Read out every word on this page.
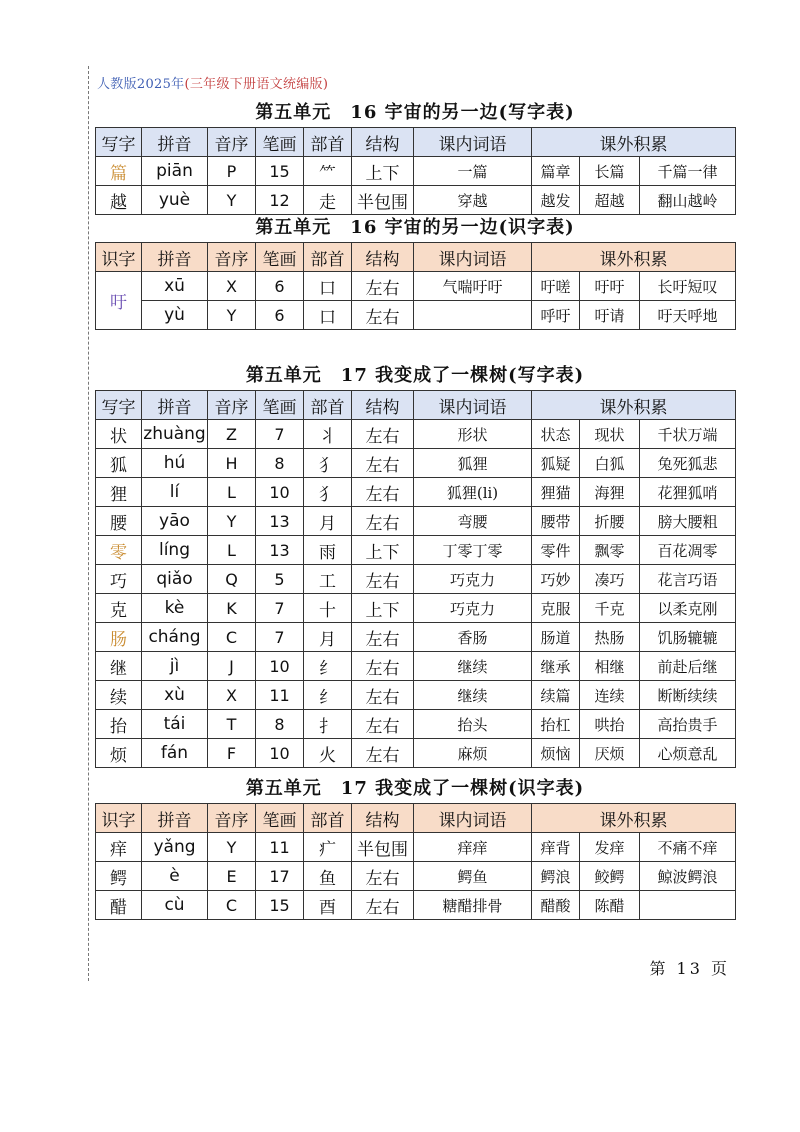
人教版2025年(三年级下册语文统编版)
第五单元　16 宇宙的另一边(写字表)
写字	拼音	音序	笔画	部首	结构	课内词语	课外积累		
篇	piān	P	15	⺮	上下	一篇	篇章	长篇	千篇一律
越	yuè	Y	12	走	半包围	穿越	越发	超越	翻山越岭
第五单元　16 宇宙的另一边(识字表)
识字	拼音	音序	笔画	部首	结构	课内词语	课外积累		
吁	xū	X	6	口	左右	气喘吁吁	吁嗟	吁吁	长吁短叹
	yù	Y	6	口	左右		呼吁	吁请	吁天呼地
第五单元　17 我变成了一棵树(写字表)
写字	拼音	音序	笔画	部首	结构	课内词语	课外积累		
状	zhuàng	Z	7	丬	左右	形状	状态	现状	千状万端
狐	hú	H	8	犭	左右	狐狸	狐疑	白狐	兔死狐悲
狸	lí	L	10	犭	左右	狐狸(li)	狸猫	海狸	花狸狐哨
腰	yāo	Y	13	月	左右	弯腰	腰带	折腰	膀大腰粗
零	líng	L	13	雨	上下	丁零丁零	零件	飘零	百花凋零
巧	qiǎo	Q	5	工	左右	巧克力	巧妙	凑巧	花言巧语
克	kè	K	7	十	上下	巧克力	克服	千克	以柔克刚
肠	cháng	C	7	月	左右	香肠	肠道	热肠	饥肠辘辘
继	jì	J	10	纟	左右	继续	继承	相继	前赴后继
续	xù	X	11	纟	左右	继续	续篇	连续	断断续续
抬	tái	T	8	扌	左右	抬头	抬杠	哄抬	高抬贵手
烦	fán	F	10	火	左右	麻烦	烦恼	厌烦	心烦意乱
第五单元　17 我变成了一棵树(识字表)
识字	拼音	音序	笔画	部首	结构	课内词语	课外积累		
痒	yǎng	Y	11	疒	半包围	痒痒	痒背	发痒	不痛不痒
鳄	è	E	17	鱼	左右	鳄鱼	鳄浪	鲛鳄	鲸波鳄浪
醋	cù	C	15	酉	左右	糖醋排骨	醋酸	陈醋	
第 13 页
